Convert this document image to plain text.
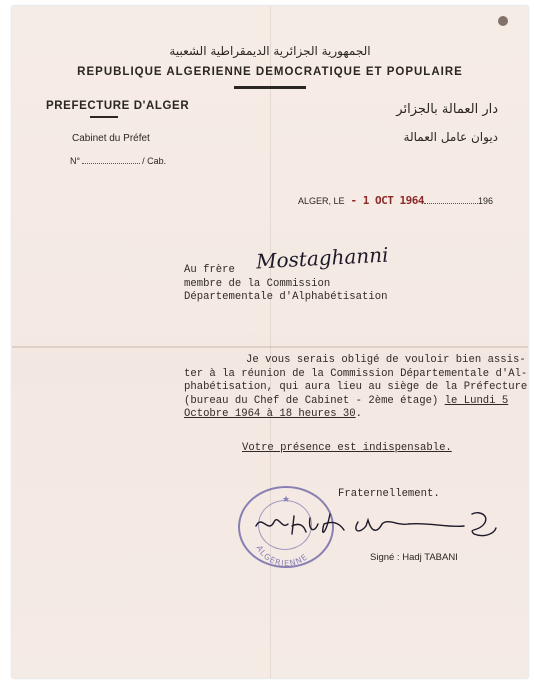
الجمهورية الجزائرية الديمقراطية الشعبية
REPUBLIQUE ALGERIENNE DEMOCRATIQUE ET POPULAIRE
PREFECTURE D'ALGER
Cabinet du Préfet
N°	/ Cab.
دار العمالة بالجزائر
ديوان عامل العمالة
ALGER, LE - 1 OCT 1964	196
Mostaghanni
Au frère
membre de la Commission
Départementale d'Alphabétisation
Je vous serais obligé de vouloir bien assis-
ter à la réunion de la Commission Départementale d'Al-
phabétisation, qui aura lieu au siège de la Préfecture
(bureau du Chef de Cabinet - 2ème étage) le Lundi 5
Octobre 1964 à 18 heures 30.
Votre présence est indispensable.
Fraternellement.
ALGERIENNE
★
Signé : Hadj TABANI
